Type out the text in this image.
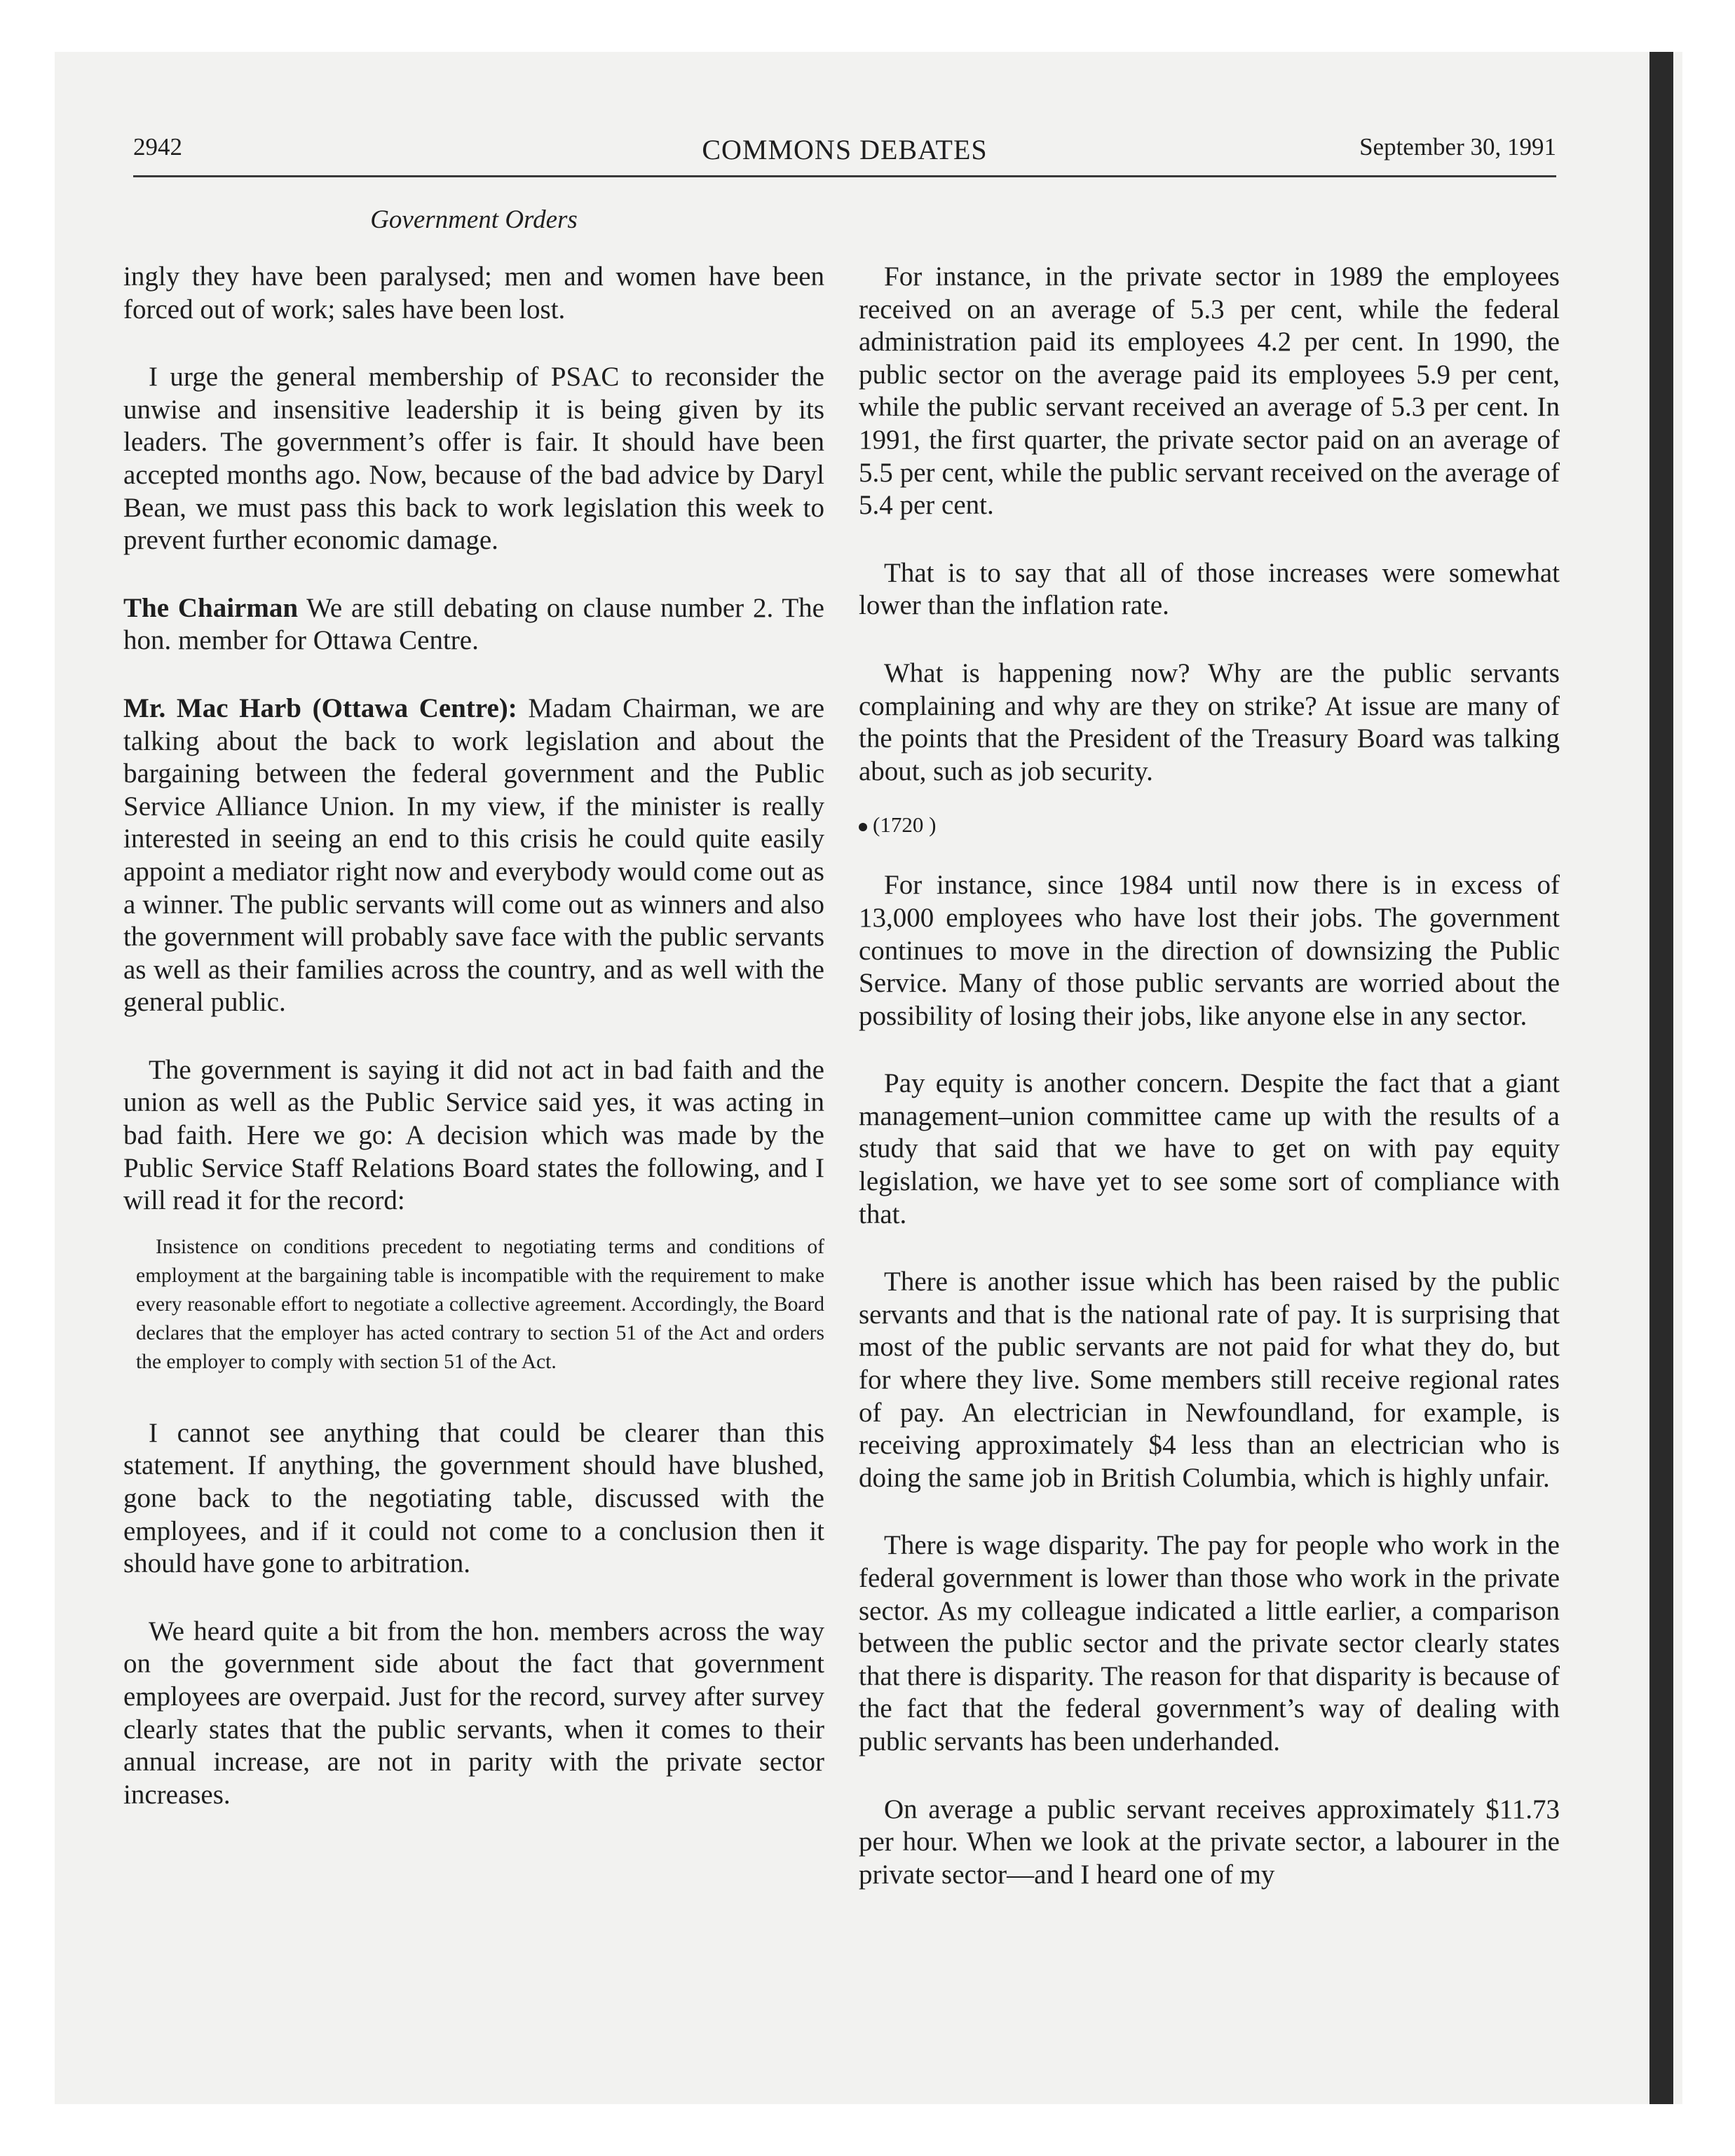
2942	COMMONS DEBATES	September 30, 1991
Government Orders

ingly they have been paralysed; men and women have been forced out of work; sales have been lost.

I urge the general membership of PSAC to reconsider the unwise and insensitive leadership it is being given by its leaders. The government’s offer is fair. It should have been accepted months ago. Now, because of the bad advice by Daryl Bean, we must pass this back to work legislation this week to prevent further economic damage.

The Chairman We are still debating on clause number 2. The hon. member for Ottawa Centre.

Mr. Mac Harb (Ottawa Centre): Madam Chairman, we are talking about the back to work legislation and about the bargaining between the federal government and the Public Service Alliance Union. In my view, if the minister is really interested in seeing an end to this crisis he could quite easily appoint a mediator right now and everybody would come out as a winner. The public servants will come out as winners and also the government will probably save face with the public servants as well as their families across the country, and as well with the general public.

The government is saying it did not act in bad faith and the union as well as the Public Service said yes, it was acting in bad faith. Here we go: A decision which was made by the Public Service Staff Relations Board states the following, and I will read it for the record:

Insistence on conditions precedent to negotiating terms and conditions of employment at the bargaining table is incompatible with the requirement to make every reasonable effort to negotiate a collective agreement. Accordingly, the Board declares that the employer has acted contrary to section 51 of the Act and orders the employer to comply with section 51 of the Act.

I cannot see anything that could be clearer than this statement. If anything, the government should have blushed, gone back to the negotiating table, discussed with the employees, and if it could not come to a conclusion then it should have gone to arbitration.

We heard quite a bit from the hon. members across the way on the government side about the fact that government employees are overpaid. Just for the record, survey after survey clearly states that the public servants, when it comes to their annual increase, are not in parity with the private sector increases.

For instance, in the private sector in 1989 the employees received on an average of 5.3 per cent, while the federal administration paid its employees 4.2 per cent. In 1990, the public sector on the average paid its employees 5.9 per cent, while the public servant received an average of 5.3 per cent. In 1991, the first quarter, the private sector paid on an average of 5.5 per cent, while the public servant received on the average of 5.4 per cent.

That is to say that all of those increases were somewhat lower than the inflation rate.

What is happening now? Why are the public servants complaining and why are they on strike? At issue are many of the points that the President of the Treasury Board was talking about, such as job security.

(1720 )

For instance, since 1984 until now there is in excess of 13,000 employees who have lost their jobs. The government continues to move in the direction of downsizing the Public Service. Many of those public servants are worried about the possibility of losing their jobs, like anyone else in any sector.

Pay equity is another concern. Despite the fact that a giant management–union committee came up with the results of a study that said that we have to get on with pay equity legislation, we have yet to see some sort of compliance with that.

There is another issue which has been raised by the public servants and that is the national rate of pay. It is surprising that most of the public servants are not paid for what they do, but for where they live. Some members still receive regional rates of pay. An electrician in Newfoundland, for example, is receiving approximately $4 less than an electrician who is doing the same job in British Columbia, which is highly unfair.

There is wage disparity. The pay for people who work in the federal government is lower than those who work in the private sector. As my colleague indicated a little earlier, a comparison between the public sector and the private sector clearly states that there is disparity. The reason for that disparity is because of the fact that the federal government’s way of dealing with public servants has been underhanded.

On average a public servant receives approximately $11.73 per hour. When we look at the private sector, a labourer in the private sector—and I heard one of my
